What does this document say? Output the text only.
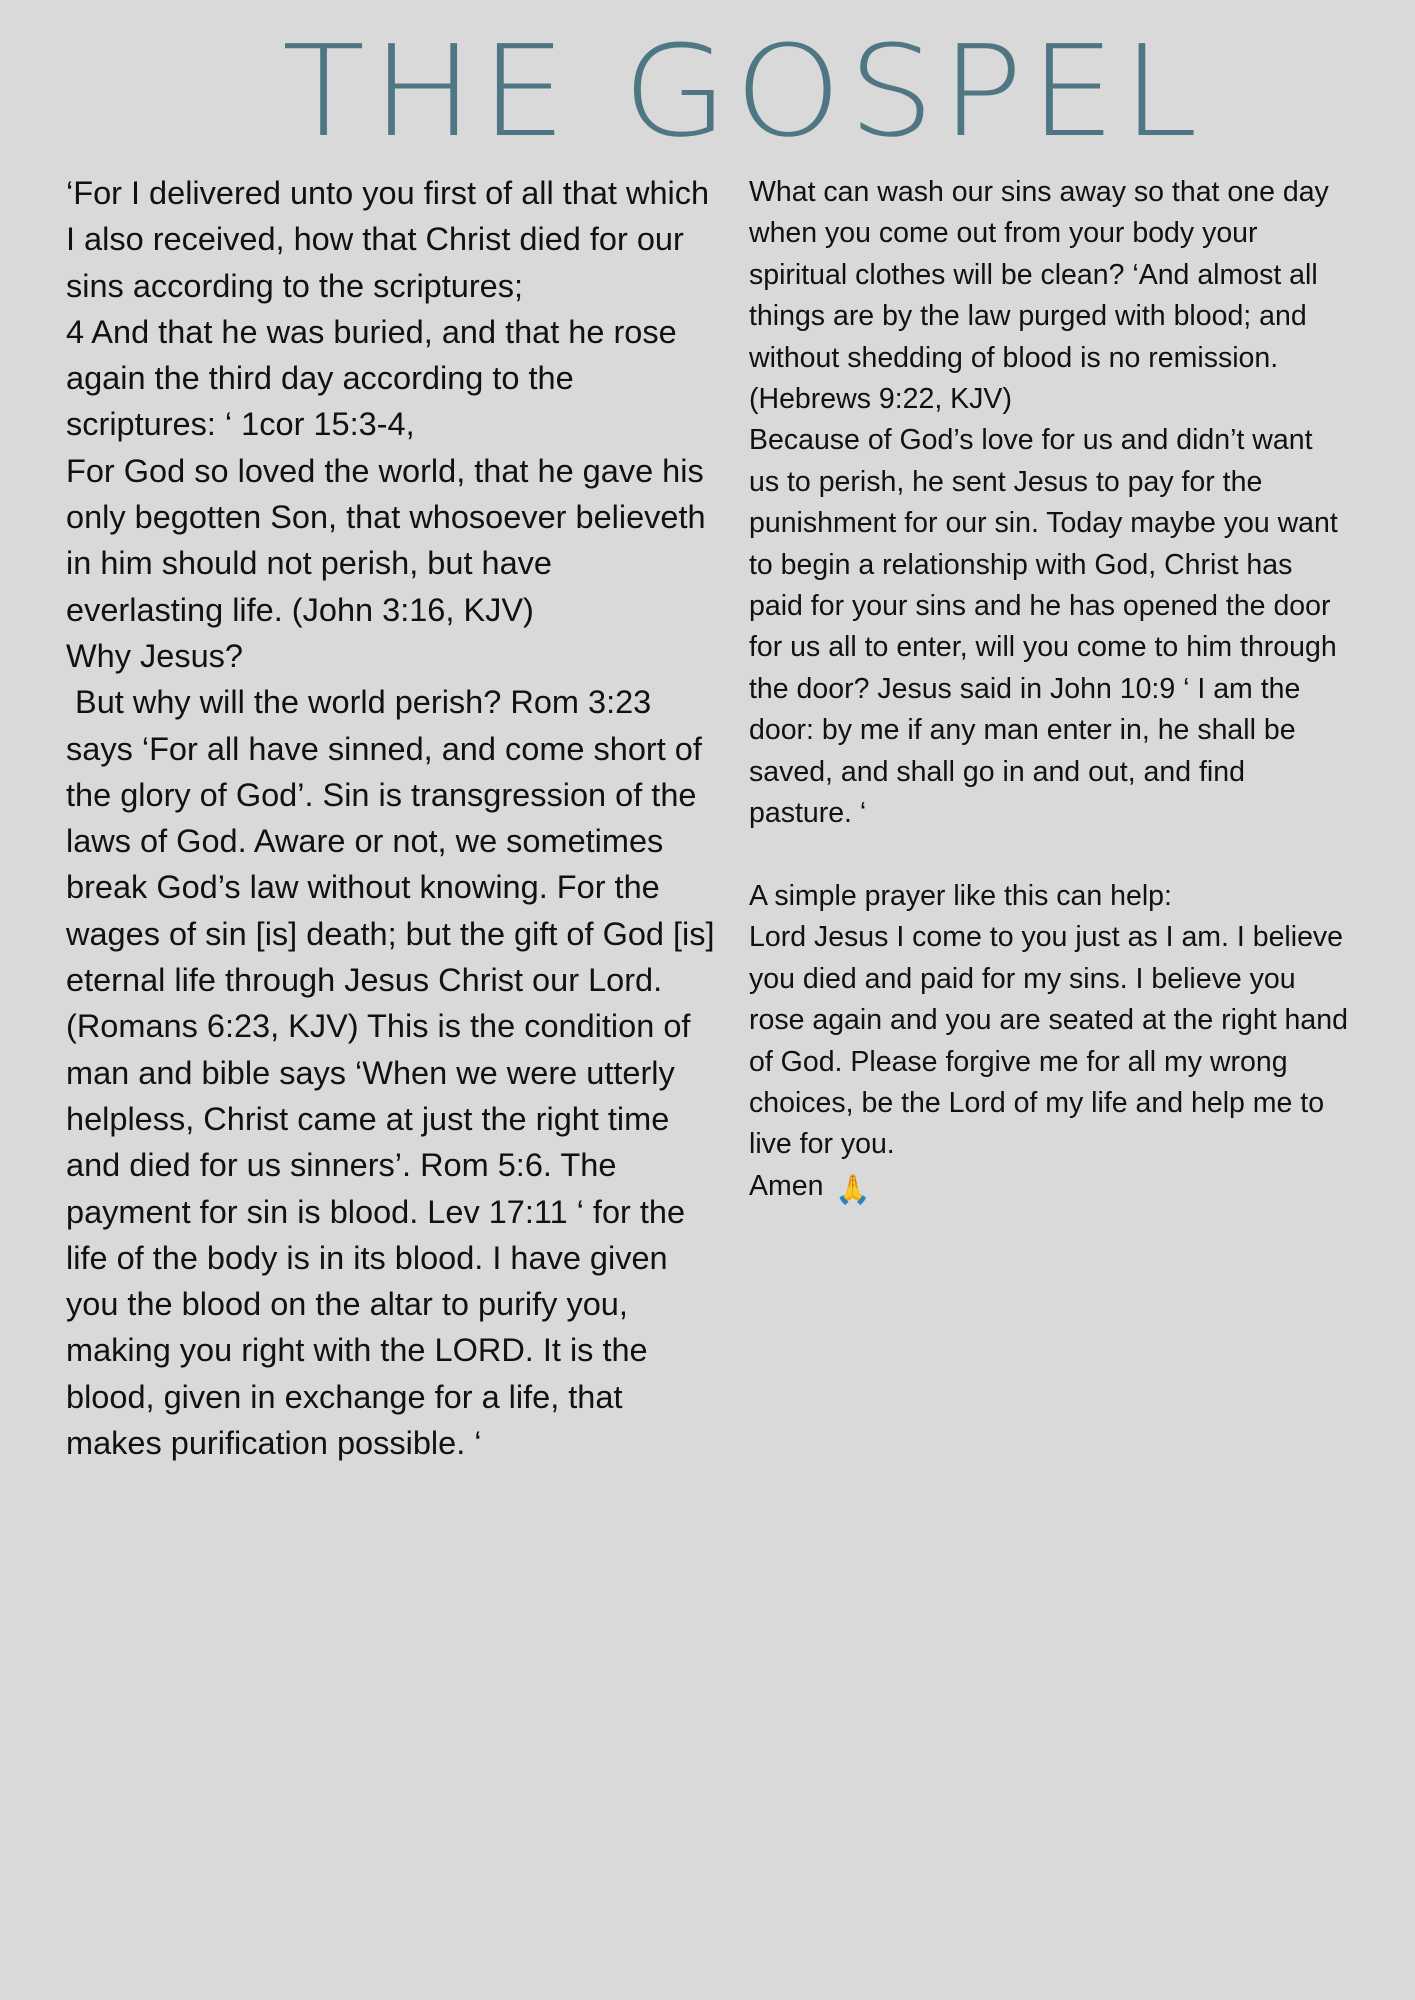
THE GOSPEL

‘For I delivered unto you first of all that which I also received, how that Christ died for our sins according to the scriptures;

4 And that he was buried, and that he rose again the third day according to the scriptures: ‘ 1cor 15:3-4,

For God so loved the world, that he gave his only begotten Son, that whosoever believeth in him should not perish, but have everlasting life. (John 3:16, KJV)

Why Jesus?

But why will the world perish? Rom 3:23 says ‘For all have sinned, and come short of the glory of God’. Sin is transgression of the laws of God. Aware or not, we sometimes break God’s law without knowing. For the wages of sin [is] death; but the gift of God [is] eternal life through Jesus Christ our Lord. (Romans 6:23, KJV) This is the condition of man and bible says ‘When we were utterly helpless, Christ came at just the right time and died for us sinners’. Rom 5:6. The payment for sin is blood. Lev 17:11 ‘ for the life of the body is in its blood. I have given you the blood on the altar to purify you, making you right with the LORD. It is the blood, given in exchange for a life, that makes purification possible. ‘

What can wash our sins away so that one day when you come out from your body your spiritual clothes will be clean? ‘And almost all things are by the law purged with blood; and without shedding of blood is no remission. (Hebrews 9:22, KJV)

Because of God’s love for us and didn’t want us to perish, he sent Jesus to pay for the punishment for our sin. Today maybe you want to begin a relationship with God, Christ has paid for your sins and he has opened the door for us all to enter, will you come to him through the door? Jesus said in John 10:9 ‘ I am the door: by me if any man enter in, he shall be saved, and shall go in and out, and find pasture. ‘

A simple prayer like this can help:

Lord Jesus I come to you just as I am. I believe you died and paid for my sins. I believe you rose again and you are seated at the right hand of God. Please forgive me for all my wrong choices, be the Lord of my life and help me to live for you.

Amen 🙏
